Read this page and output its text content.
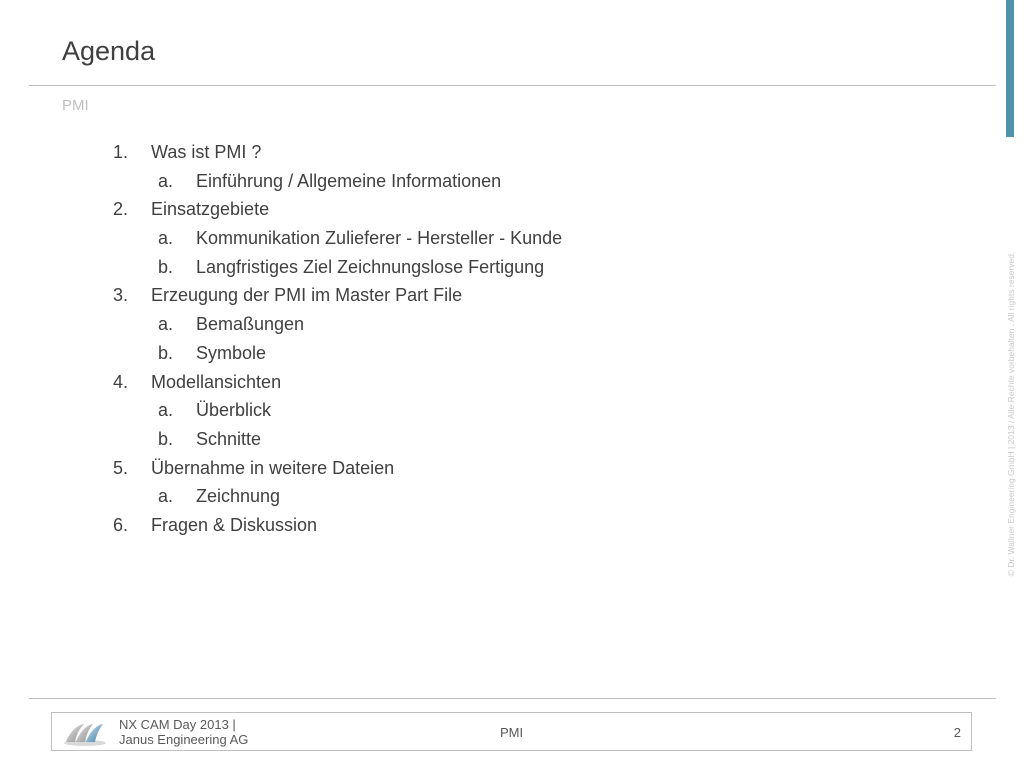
Agenda
PMI
1. Was ist PMI ?
a. Einführung / Allgemeine Informationen
2. Einsatzgebiete
a. Kommunikation Zulieferer - Hersteller - Kunde
b. Langfristiges Ziel Zeichnungslose Fertigung
3. Erzeugung der PMI im Master Part File
a. Bemaßungen
b. Symbole
4. Modellansichten
a. Überblick
b. Schnitte
5. Übernahme in weitere Dateien
a. Zeichnung
6. Fragen & Diskussion	© Dr. Wallner Engineering GmbH | 2013 / Alle Rechte vorbehalten . All rights reserved.
NX CAM Day 2013 |
Janus Engineering AG	PMI	2
